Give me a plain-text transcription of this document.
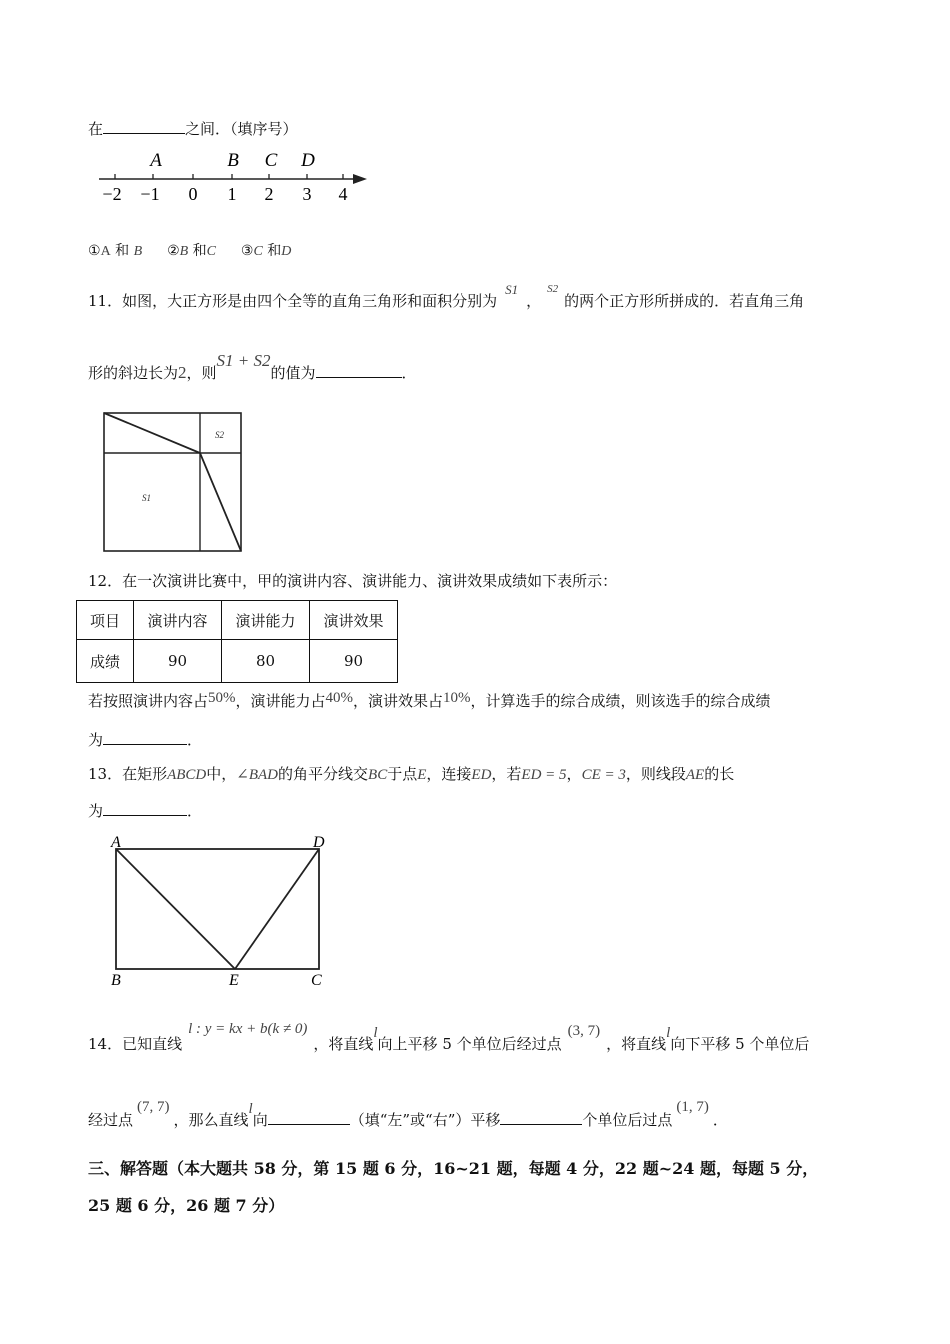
在	之间．（填序号）
A	B C D
−2 −1 0 1 2 3 4
①A 和 B ②B 和C ③C 和D
11．如图，大正方形是由四个全等的直角三角形和面积分别为S1，$^{S2}$的两个正方形所拼成的．若直角三角
形的斜边长为2，则S1 + S2的值为	．
S2
S1
12．在一次演讲比赛中，甲的演讲内容、演讲能力、演讲效果成绩如下表所示：
项目	演讲内容	演讲能力	演讲效果
成绩	90	80	90
若按照演讲内容占50%，演讲能力占40%，演讲效果占10%，计算选手的综合成绩，则该选手的综合成绩
为	．
13．在矩形ABCD中，∠BAD的角平分线交BC于点E，连接ED，若ED = 5，CE = 3，则线段AE的长
为	．
A	D
B	E	C
14．已知直线l : y = kx + b(k ≠ 0)，将直线l向上平移 5 个单位后经过点(3, 7)，将直线l向下平移 5 个单位后
经过点(7, 7)，那么直线l向	（填“左”或“右”）平移	个单位后过点(1, 7)．
三、解答题（本大题共 58 分，第 15 题 6 分，16~21 题，每题 4 分，22 题~24 题，每题 5 分，
25 题 6 分，26 题 7 分）
